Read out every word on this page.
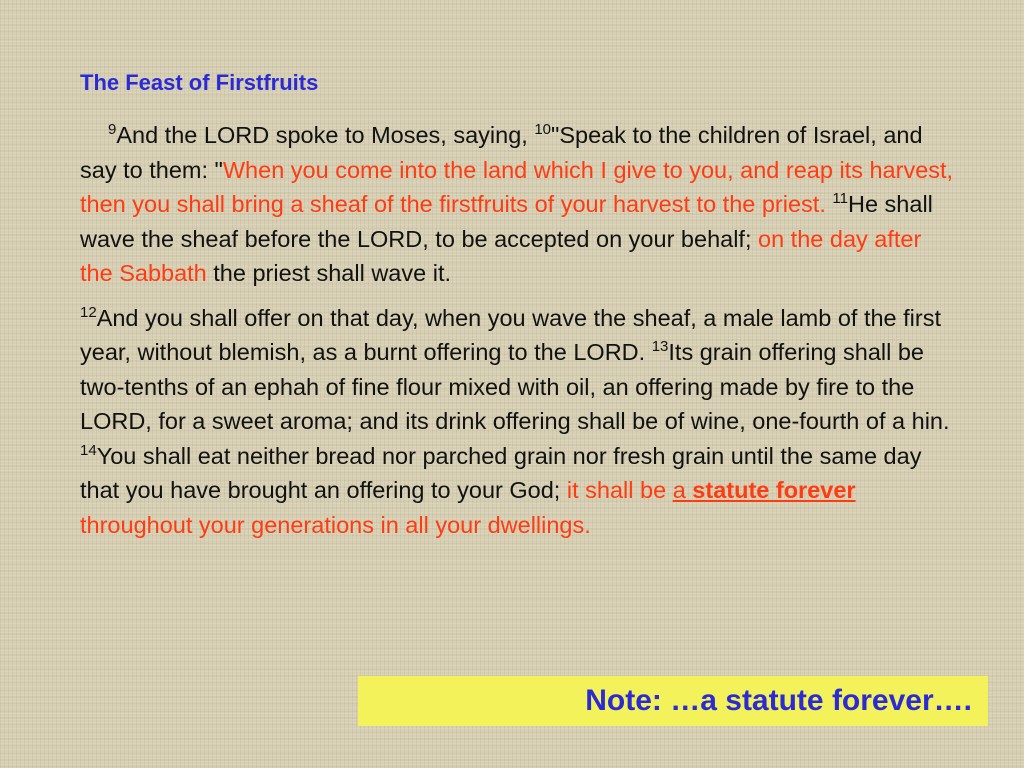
The Feast of Firstfruits

$^9$And the LORD spoke to Moses, saying, $^{10}$"Speak to the children of Israel, and say to them: "When you come into the land which I give to you, and reap its harvest, then you shall bring a sheaf of the firstfruits of your harvest to the priest. $^{11}$He shall wave the sheaf before the LORD, to be accepted on your behalf; on the day after the Sabbath the priest shall wave it.

$^{12}$And you shall offer on that day, when you wave the sheaf, a male lamb of the first year, without blemish, as a burnt offering to the LORD. $^{13}$Its grain offering shall be two-tenths of an ephah of fine flour mixed with oil, an offering made by fire to the LORD, for a sweet aroma; and its drink offering shall be of wine, one-fourth of a hin.
$^{14}$You shall eat neither bread nor parched grain nor fresh grain until the same day that you have brought an offering to your God; it shall be a statute forever throughout your generations in all your dwellings.

Note: …a statute forever….
